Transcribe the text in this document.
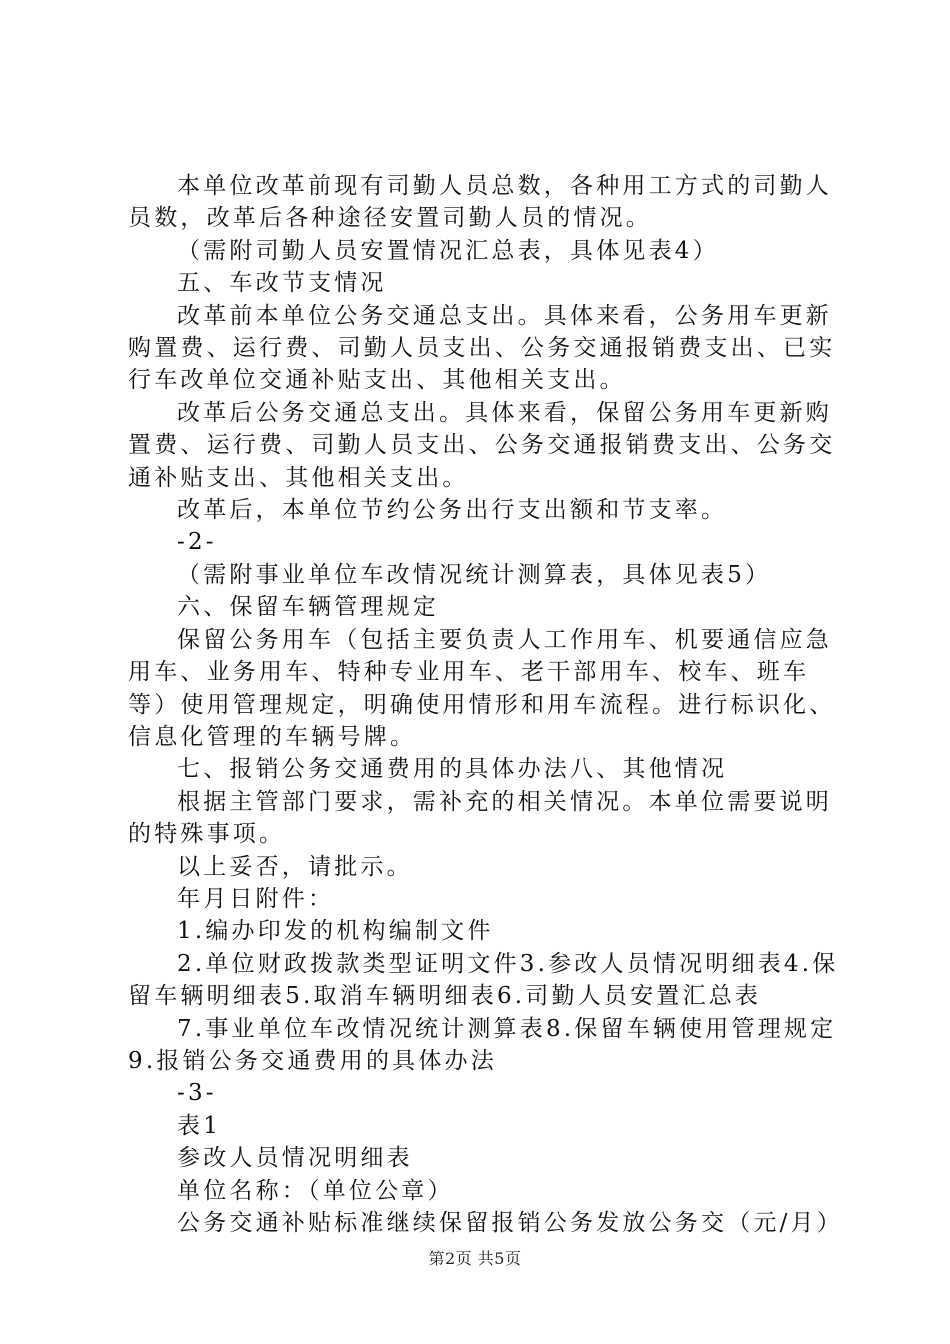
本单位改革前现有司勤人员总数，各种用工方式的司勤人

员数，改革后各种途径安置司勤人员的情况。

（需附司勤人员安置情况汇总表，具体见表4）

五、车改节支情况

改革前本单位公务交通总支出。具体来看，公务用车更新

购置费、运行费、司勤人员支出、公务交通报销费支出、已实

行车改单位交通补贴支出、其他相关支出。

改革后公务交通总支出。具体来看，保留公务用车更新购

置费、运行费、司勤人员支出、公务交通报销费支出、公务交

通补贴支出、其他相关支出。

改革后，本单位节约公务出行支出额和节支率。

-2-

（需附事业单位车改情况统计测算表，具体见表5）

六、保留车辆管理规定

保留公务用车（包括主要负责人工作用车、机要通信应急

用车、业务用车、特种专业用车、老干部用车、校车、班车

等）使用管理规定，明确使用情形和用车流程。进行标识化、

信息化管理的车辆号牌。

七、报销公务交通费用的具体办法八、其他情况

根据主管部门要求，需补充的相关情况。本单位需要说明

的特殊事项。

以上妥否，请批示。

年月日附件：

1.编办印发的机构编制文件

2.单位财政拨款类型证明文件3.参改人员情况明细表4.保

留车辆明细表5.取消车辆明细表6.司勤人员安置汇总表

7.事业单位车改情况统计测算表8.保留车辆使用管理规定

9.报销公务交通费用的具体办法

-3-

表1

参改人员情况明细表

单位名称：（单位公章）

公务交通补贴标准继续保留报销公务发放公务交（元/月）

第2页 共5页
